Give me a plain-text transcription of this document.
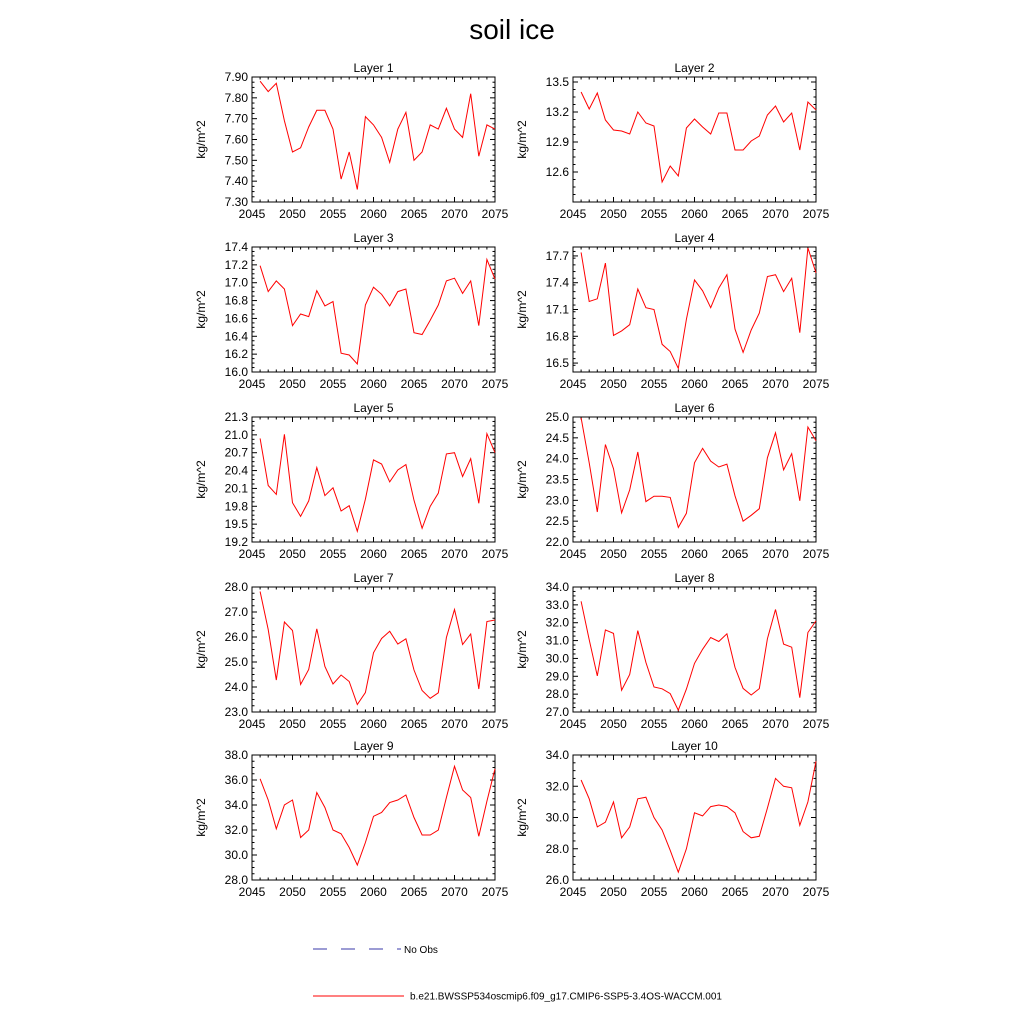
soil ice
Layer 1
2045 2050 2055 2060 2065 2070 2075
7.30
7.40
7.50
7.60
7.70
7.80
7.90
kg/m^2
Layer 2
2045 2050 2055 2060 2065 2070 2075
12.6
12.9
13.2
13.5
kg/m^2
Layer 3
2045 2050 2055 2060 2065 2070 2075
16.0
16.2
16.4
16.6
16.8
17.0
17.2
17.4
kg/m^2
Layer 4
2045 2050 2055 2060 2065 2070 2075
16.5
16.8
17.1
17.4
17.7
kg/m^2
Layer 5
2045 2050 2055 2060 2065 2070 2075
19.2
19.5
19.8
20.1
20.4
20.7
21.0
21.3
kg/m^2
Layer 6
2045 2050 2055 2060 2065 2070 2075
22.0
22.5
23.0
23.5
24.0
24.5
25.0
kg/m^2
Layer 7
2045 2050 2055 2060 2065 2070 2075
23.0
24.0
25.0
26.0
27.0
28.0
kg/m^2
Layer 8
2045 2050 2055 2060 2065 2070 2075
27.0
28.0
29.0
30.0
31.0
32.0
33.0
34.0
kg/m^2
Layer 9
2045 2050 2055 2060 2065 2070 2075
28.0
30.0
32.0
34.0
36.0
38.0
kg/m^2
Layer 10
2045 2050 2055 2060 2065 2070 2075
26.0
28.0
30.0
32.0
34.0
kg/m^2
No Obs
b.e21.BWSSP534oscmip6.f09_g17.CMIP6-SSP5-3.4OS-WACCM.001
